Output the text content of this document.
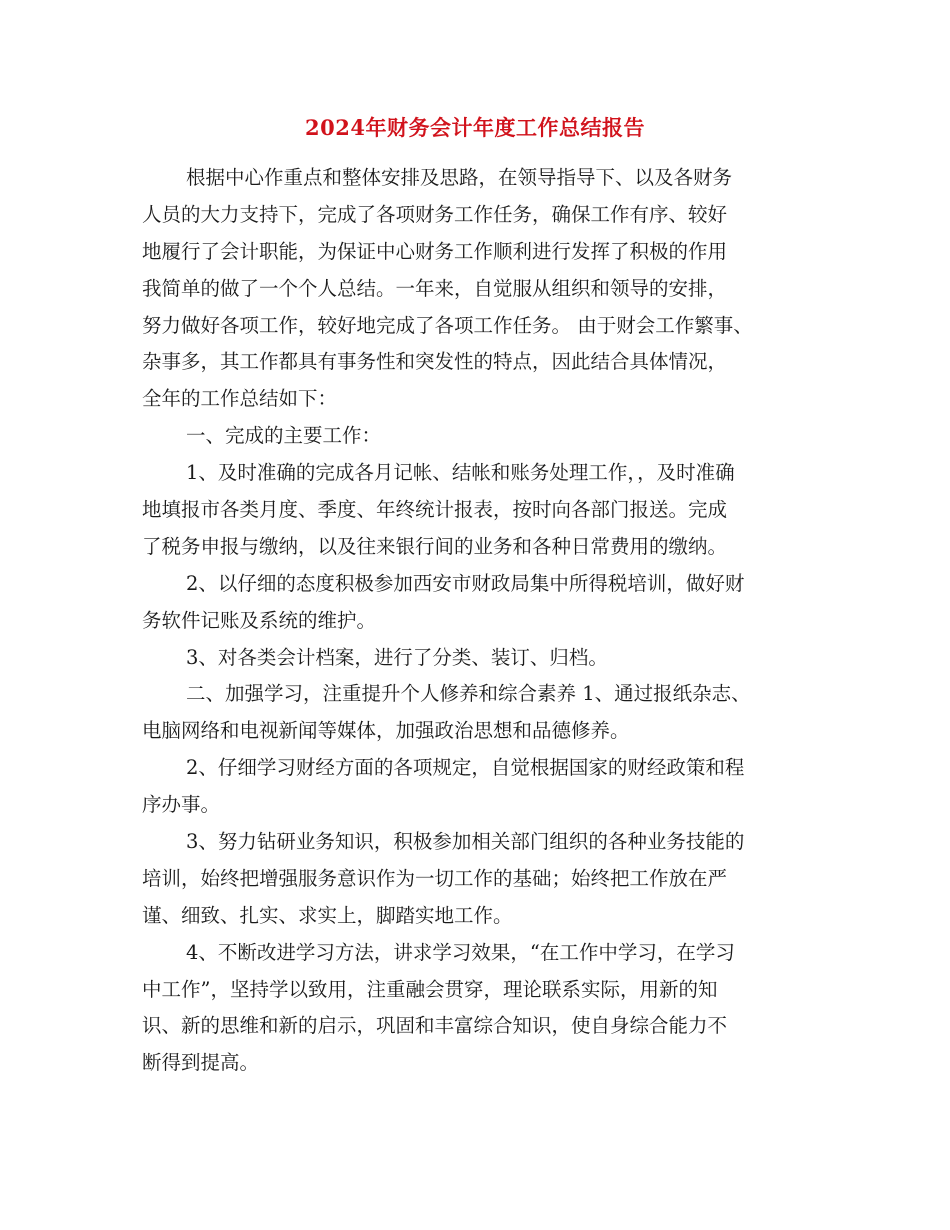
2024年财务会计年度工作总结报告
根据中心作重点和整体安排及思路，在领导指导下、以及各财务
人员的大力支持下，完成了各项财务工作任务，确保工作有序、较好
地履行了会计职能，为保证中心财务工作顺利进行发挥了积极的作用
我简单的做了一个个人总结。一年来，自觉服从组织和领导的安排，
努力做好各项工作，较好地完成了各项工作任务。 由于财会工作繁事、
杂事多，其工作都具有事务性和突发性的特点，因此结合具体情况，
全年的工作总结如下：
一、完成的主要工作：
1、及时准确的完成各月记帐、结帐和账务处理工作，，及时准确
地填报市各类月度、季度、年终统计报表，按时向各部门报送。完成
了税务申报与缴纳，以及往来银行间的业务和各种日常费用的缴纳。
2、以仔细的态度积极参加西安市财政局集中所得税培训，做好财
务软件记账及系统的维护。
3、对各类会计档案，进行了分类、装订、归档。
二、加强学习，注重提升个人修养和综合素养 1、通过报纸杂志、
电脑网络和电视新闻等媒体，加强政治思想和品德修养。
2、仔细学习财经方面的各项规定，自觉根据国家的财经政策和程
序办事。
3、努力钻研业务知识，积极参加相关部门组织的各种业务技能的
培训，始终把增强服务意识作为一切工作的基础；始终把工作放在严
谨、细致、扎实、求实上，脚踏实地工作。
4、不断改进学习方法，讲求学习效果，“在工作中学习，在学习
中工作”，坚持学以致用，注重融会贯穿，理论联系实际，用新的知
识、新的思维和新的启示，巩固和丰富综合知识，使自身综合能力不
断得到提高。
